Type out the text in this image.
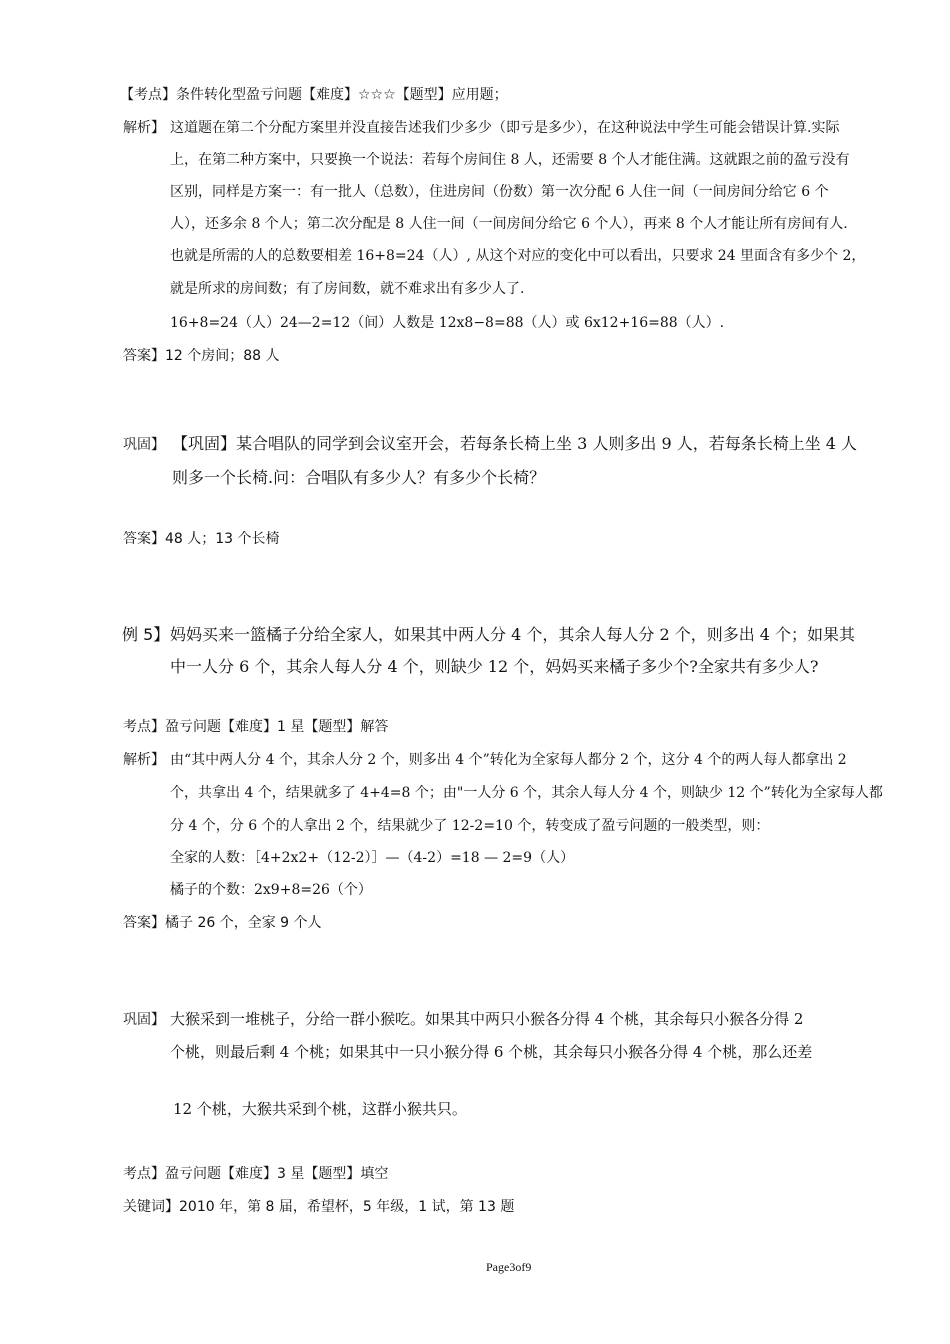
【考点】条件转化型盈亏问题【难度】☆☆☆【题型】应用题；
解析】 这道题在第二个分配方案里并没直接告述我们少多少（即亏是多少），在这种说法中学生可能会错误计算.实际
上，在第二种方案中，只要换一个说法：若每个房间住 8 人，还需要 8 个人才能住满。这就跟之前的盈亏没有
区别，同样是方案一：有一批人（总数），住进房间（份数）第一次分配 6 人住一间（一间房间分给它 6 个
人），还多余 8 个人；第二次分配是 8 人住一间（一间房间分给它 6 个人），再来 8 个人才能让所有房间有人.
也就是所需的人的总数要相差 16+8=24（人）, 从这个对应的变化中可以看出，只要求 24 里面含有多少个 2，
就是所求的房间数；有了房间数，就不难求出有多少人了.
16+8=24（人）24—2=12（间）人数是 12x8−8=88（人）或 6x12+16=88（人）.
答案】12 个房间；88 人
巩固】 【巩固】某合唱队的同学到会议室开会，若每条长椅上坐 3 人则多出 9 人，若每条长椅上坐 4 人
则多一个长椅.问：合唱队有多少人？有多少个长椅？
答案】48 人；13 个长椅
例 5】 妈妈买来一篮橘子分给全家人，如果其中两人分 4 个，其余人每人分 2 个，则多出 4 个；如果其
中一人分 6 个，其余人每人分 4 个，则缺少 12 个，妈妈买来橘子多少个?全家共有多少人?
考点】盈亏问题【难度】1 星【题型】解答
解析】 由“其中两人分 4 个，其余人分 2 个，则多出 4 个”转化为全家每人都分 2 个，这分 4 个的两人每人都拿出 2
个，共拿出 4 个，结果就多了 4+4=8 个；由"一人分 6 个，其余人每人分 4 个，则缺少 12 个”转化为全家每人都
分 4 个，分 6 个的人拿出 2 个，结果就少了 12-2=10 个，转变成了盈亏问题的一般类型，则：
全家的人数：［4+2x2+（12-2）］—（4-2）=18 — 2=9（人）
橘子的个数：2x9+8=26（个）
答案】橘子 26 个，全家 9 个人
巩固】 大猴采到一堆桃子，分给一群小猴吃。如果其中两只小猴各分得 4 个桃，其余每只小猴各分得 2
个桃，则最后剩 4 个桃；如果其中一只小猴分得 6 个桃，其余每只小猴各分得 4 个桃，那么还差
12 个桃，大猴共采到个桃，这群小猴共只。
考点】盈亏问题【难度】3 星【题型】填空
关键词】2010 年，第 8 届，希望杯，5 年级，1 试，第 13 题
Page3of9
